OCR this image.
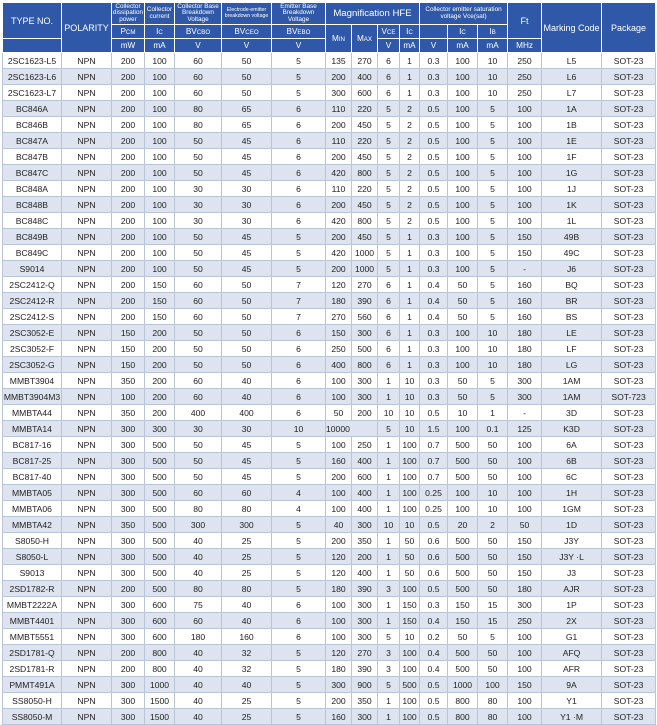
TYPE NO.	POLARITY	Collector dissipation power	Collector current	Collector Base Breakdown Voltage	Electrode-emitter breakdown voltage	Emitter Base Breakdown Voltage	Magnification HFE				Collector emitter saturation voltage Vce(sat)			Ft	Marking Code	Package
		PCM	IC	BVCBO	BVCEO	BVEBO	MIN	MAX	VCE	IC		IC	IB			
		mW	mA	V	V	V			V	mA	V	mA	mA	MHz		
2SC1623-L5	NPN	200	100	60	50	5	135	270	6	1	0.3	100	10	250	L5	SOT-23
2SC1623-L6	NPN	200	100	60	50	5	200	400	6	1	0.3	100	10	250	L6	SOT-23
2SC1623-L7	NPN	200	100	60	50	5	300	600	6	1	0.3	100	10	250	L7	SOT-23
BC846A	NPN	200	100	80	65	6	110	220	5	2	0.5	100	5	100	1A	SOT-23
BC846B	NPN	200	100	80	65	6	200	450	5	2	0.5	100	5	100	1B	SOT-23
BC847A	NPN	200	100	50	45	6	110	220	5	2	0.5	100	5	100	1E	SOT-23
BC847B	NPN	200	100	50	45	6	200	450	5	2	0.5	100	5	100	1F	SOT-23
BC847C	NPN	200	100	50	45	6	420	800	5	2	0.5	100	5	100	1G	SOT-23
BC848A	NPN	200	100	30	30	6	110	220	5	2	0.5	100	5	100	1J	SOT-23
BC848B	NPN	200	100	30	30	6	200	450	5	2	0.5	100	5	100	1K	SOT-23
BC848C	NPN	200	100	30	30	6	420	800	5	2	0.5	100	5	100	1L	SOT-23
BC849B	NPN	200	100	50	45	5	200	450	5	1	0.3	100	5	150	49B	SOT-23
BC849C	NPN	200	100	50	45	5	420	1000	5	1	0.3	100	5	150	49C	SOT-23
S9014	NPN	200	100	50	45	5	200	1000	5	1	0.3	100	5	-	J6	SOT-23
2SC2412-Q	NPN	200	150	60	50	7	120	270	6	1	0.4	50	5	160	BQ	SOT-23
2SC2412-R	NPN	200	150	60	50	7	180	390	6	1	0.4	50	5	160	BR	SOT-23
2SC2412-S	NPN	200	150	60	50	7	270	560	6	1	0.4	50	5	160	BS	SOT-23
2SC3052-E	NPN	150	200	50	50	6	150	300	6	1	0.3	100	10	180	LE	SOT-23
2SC3052-F	NPN	150	200	50	50	6	250	500	6	1	0.3	100	10	180	LF	SOT-23
2SC3052-G	NPN	150	200	50	50	6	400	800	6	1	0.3	100	10	180	LG	SOT-23
MMBT3904	NPN	350	200	60	40	6	100	300	1	10	0.3	50	5	300	1AM	SOT-23
MMBT3904M3	NPN	100	200	60	40	6	100	300	1	10	0.3	50	5	300	1AM	SOT-723
MMBTA44	NPN	350	200	400	400	6	50	200	10	10	0.5	10	1	-	3D	SOT-23
MMBTA14	NPN	300	300	30	30	10	10000		5	10	1.5	100	0.1	125	K3D	SOT-23
BC817-16	NPN	300	500	50	45	5	100	250	1	100	0.7	500	50	100	6A	SOT-23
BC817-25	NPN	300	500	50	45	5	160	400	1	100	0.7	500	50	100	6B	SOT-23
BC817-40	NPN	300	500	50	45	5	200	600	1	100	0.7	500	50	100	6C	SOT-23
MMBTA05	NPN	300	500	60	60	4	100	400	1	100	0.25	100	10	100	1H	SOT-23
MMBTA06	NPN	300	500	80	80	4	100	400	1	100	0.25	100	10	100	1GM	SOT-23
MMBTA42	NPN	350	500	300	300	5	40	300	10	10	0.5	20	2	50	1D	SOT-23
S8050-H	NPN	300	500	40	25	5	200	350	1	50	0.6	500	50	150	J3Y	SOT-23
S8050-L	NPN	300	500	40	25	5	120	200	1	50	0.6	500	50	150	J3Y ·L	SOT-23
S9013	NPN	300	500	40	25	5	120	400	1	50	0.6	500	50	150	J3	SOT-23
2SD1782-R	NPN	200	500	80	80	5	180	390	3	100	0.5	500	50	180	AJR	SOT-23
MMBT2222A	NPN	300	600	75	40	6	100	300	1	150	0.3	150	15	300	1P	SOT-23
MMBT4401	NPN	300	600	60	40	6	100	300	1	150	0.4	150	15	250	2X	SOT-23
MMBT5551	NPN	300	600	180	160	6	100	300	5	10	0.2	50	5	100	G1	SOT-23
2SD1781-Q	NPN	200	800	40	32	5	120	270	3	100	0.4	500	50	100	AFQ	SOT-23
2SD1781-R	NPN	200	800	40	32	5	180	390	3	100	0.4	500	50	100	AFR	SOT-23
PMMT491A	NPN	300	1000	40	40	5	300	900	5	500	0.5	1000	100	150	9A	SOT-23
SS8050-H	NPN	300	1500	40	25	5	200	350	1	100	0.5	800	80	100	Y1	SOT-23
SS8050-M	NPN	300	1500	40	25	5	160	300	1	100	0.5	800	80	100	Y1 ·M	SOT-23
